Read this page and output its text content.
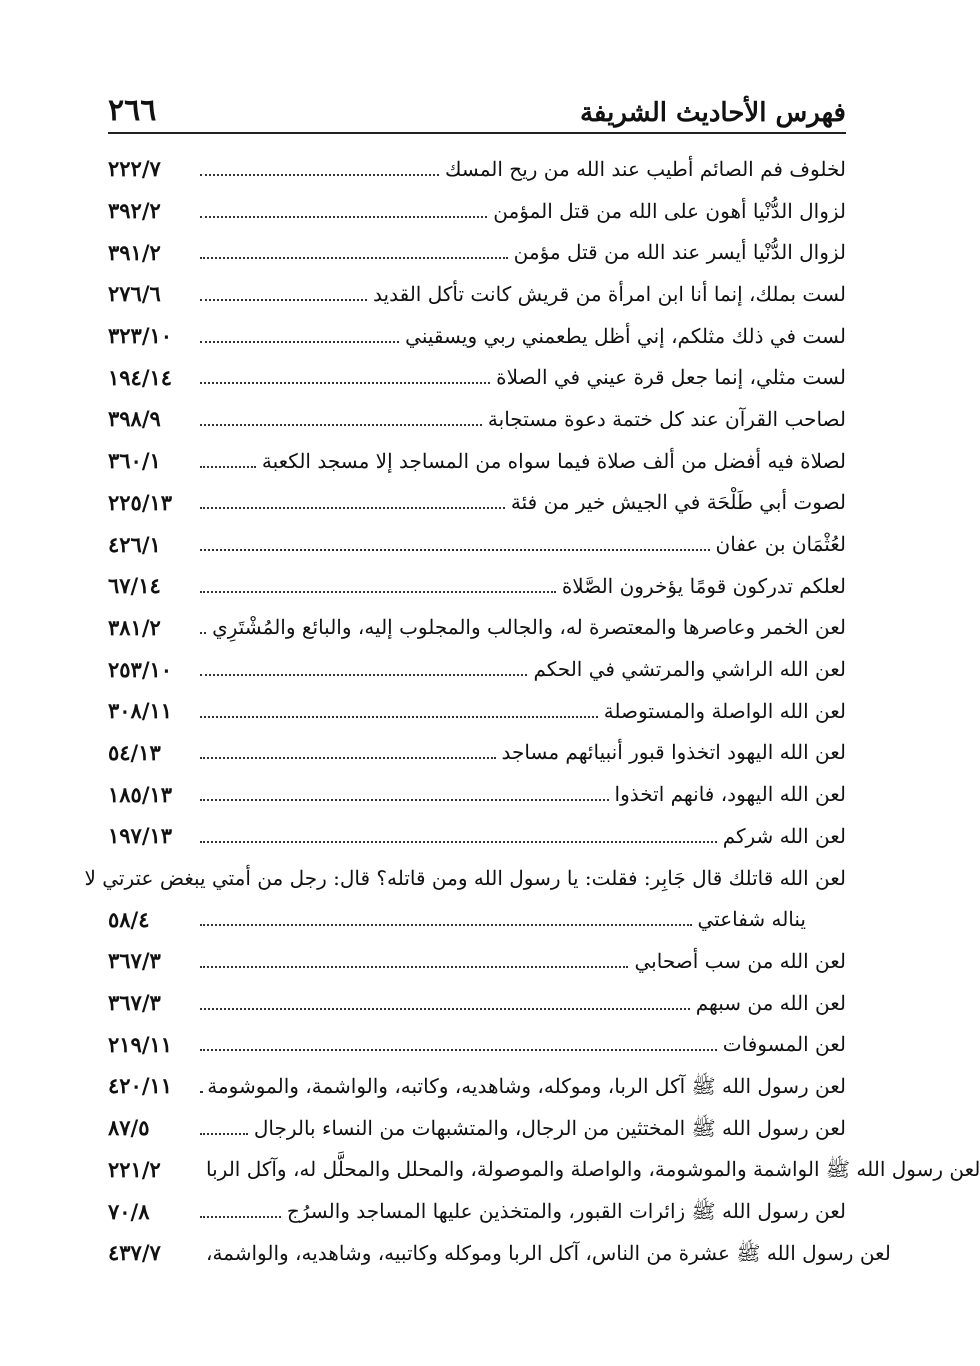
٢٦٦	فهرس الأحاديث الشريفة
٢٢٢/٧	لخلوف فم الصائم أطيب عند الله من ريح المسك
٣٩٢/٢	لزوال الدُّنْيا أهون على الله من قتل المؤمن
٣٩١/٢	لزوال الدُّنْيا أيسر عند الله من قتل مؤمن
٢٧٦/٦	لست بملك، إنما أنا ابن امرأة من قريش كانت تأكل القديد
٣٢٣/١٠	لست في ذلك مثلكم، إني أظل يطعمني ربي ويسقيني
١٩٤/١٤	لست مثلي، إنما جعل قرة عيني في الصلاة
٣٩٨/٩	لصاحب القرآن عند كل ختمة دعوة مستجابة
٣٦٠/١	لصلاة فيه أفضل من ألف صلاة فيما سواه من المساجد إلا مسجد الكعبة
٢٢٥/١٣	لصوت أبي طَلْحَة في الجيش خير من فئة
٤٢٦/١	لعُثْمَان بن عفان
٦٧/١٤	لعلكم تدركون قومًا يؤخرون الصَّلاة
٣٨١/٢	لعن الخمر وعاصرها والمعتصرة له، والجالب والمجلوب إليه، والبائع والمُشْتَرِي
٢٥٣/١٠	لعن الله الراشي والمرتشي في الحكم
٣٠٨/١١	لعن الله الواصلة والمستوصلة
٥٤/١٣	لعن الله اليهود اتخذوا قبور أنبيائهم مساجد
١٨٥/١٣	لعن الله اليهود، فانهم اتخذوا
١٩٧/١٣	لعن الله شركم
لعن الله قاتلك قال جَابِر: فقلت: يا رسول الله ومن قاتله؟ قال: رجل من أمتي يبغض عترتي لا
٥٨/٤	يناله شفاعتي
٣٦٧/٣	لعن الله من سب أصحابي
٣٦٧/٣	لعن الله من سبهم
٢١٩/١١	لعن المسوفات
٤٢٠/١١	لعن رسول الله ﷺ آكل الربا، وموكله، وشاهديه، وكاتبه، والواشمة، والموشومة
٨٧/٥	لعن رسول الله ﷺ المختثين من الرجال، والمتشبهات من النساء بالرجال
٢٢١/٢	لعن رسول الله ﷺ الواشمة والموشومة، والواصلة والموصولة، والمحلل والمحلَّل له، وآكل الربا
٧٠/٨	لعن رسول الله ﷺ زائرات القبور، والمتخذين عليها المساجد والسرُج
٤٣٧/٧	لعن رسول الله ﷺ عشرة من الناس، آكل الربا وموكله وكاتبيه، وشاهديه، والواشمة،
